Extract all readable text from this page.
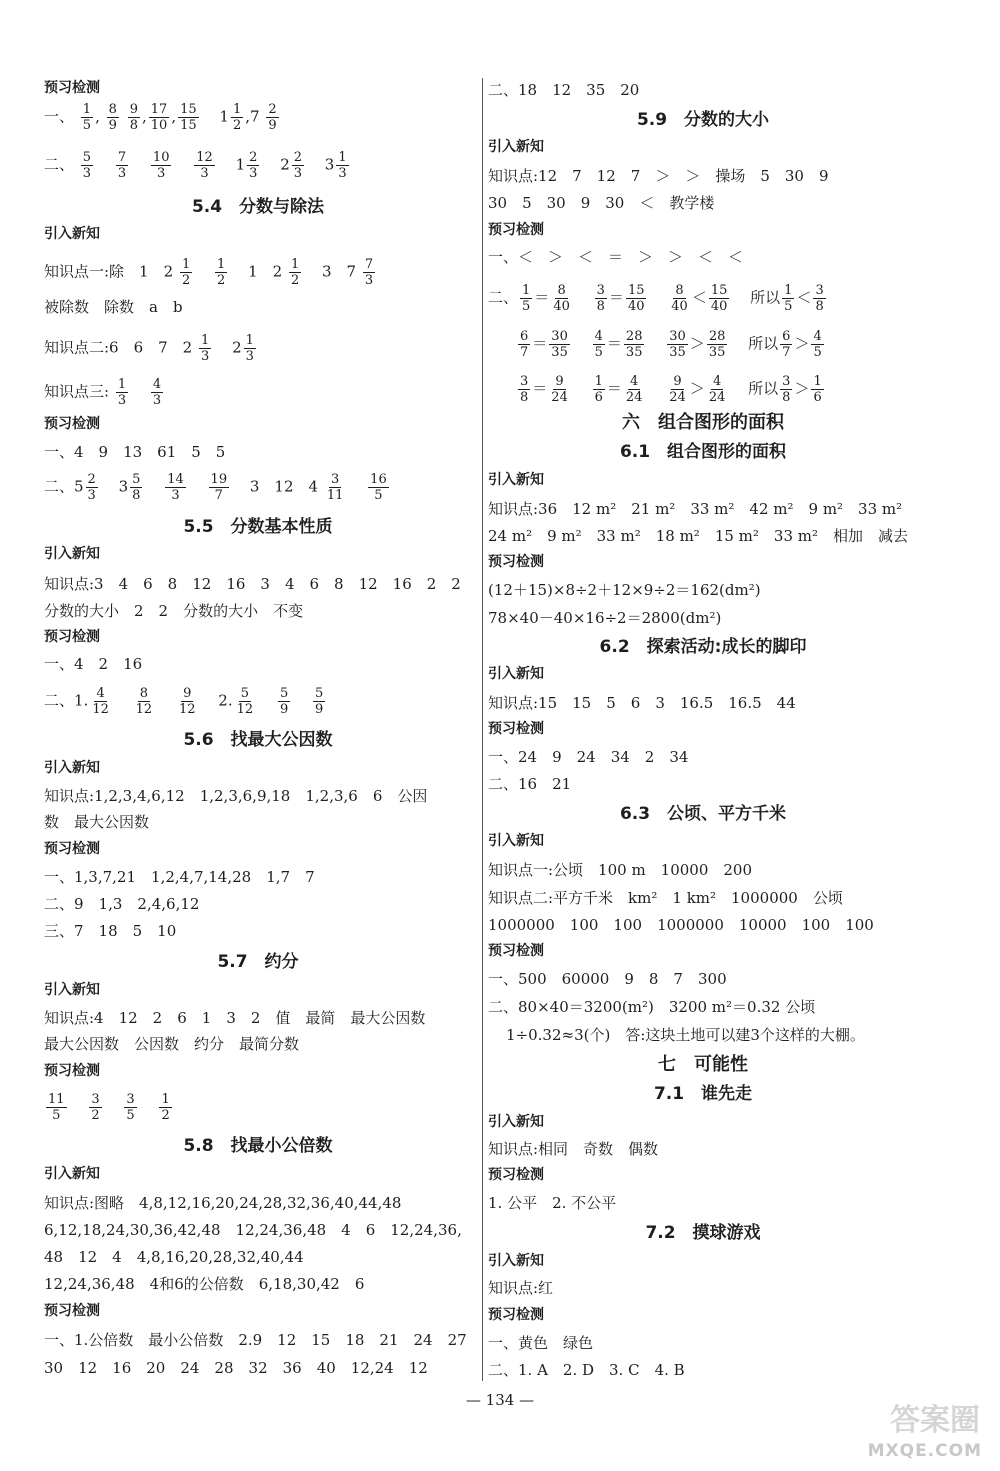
预习检测
一、 $\frac{1}{5}$ , $\frac{8}{9}$
$\frac{9}{8}$ , $\frac{17}{10}$ , $\frac{15}{15} 1 \frac{1}{2} ,7 \frac{2}{9}$
二、 $\frac{5}{3}$
$\frac{7}{3}$
$\frac{10}{3}$
$\frac{12}{3} 1 \frac{2}{3} 2 \frac{2}{3} 3 \frac{1}{3}$
5.4　分数与除法
引入新知
知识点一:除　1　$2 \frac{1}{2}$
$\frac{1}{2} 1$　$2 \frac{1}{2} 3$　$7 \frac{7}{3}$
被除数　除数　a　b
知识点二:6　6　7　$2 \frac{1}{3} 2 \frac{1}{3}$
知识点三: $\frac{1}{3}$
$\frac{4}{3}$
预习检测
一、4　9　13　61　5　5
二、$5 \frac{2}{3} 3 \frac{5}{8}$
$\frac{14}{3}$
$\frac{19}{7} 3$　12　$4 \frac{3}{11}$
$\frac{16}{5}$
5.5　分数基本性质
引入新知
知识点:3　4　6　8　12　16　3　4　6　8　12　16　2　2
分数的大小　2　2　分数的大小　不变
预习检测
一、4　2　16
二、1. $\frac{4}{12}$
$\frac{8}{12}$
$\frac{9}{12} 2$. $\frac{5}{12}$
$\frac{5}{9}$
$\frac{5}{9}$
5.6　找最大公因数
引入新知
知识点:1,2,3,4,6,12　1,2,3,6,9,18　1,2,3,6　6　公因
数　最大公因数
预习检测
一、1,3,7,21　1,2,4,7,14,28　1,7　7
二、9　1,3　2,4,6,12
三、7　18　5　10
5.7　约分
引入新知
知识点:4　12　2　6　1　3　2　值　最简　最大公因数
最大公因数　公因数　约分　最简分数
预习检测
$\frac{11}{5}$
$\frac{3}{2}$
$\frac{3}{5}$
$\frac{1}{2}$
5.8　找最小公倍数
引入新知
知识点:图略　4,8,12,16,20,24,28,32,36,40,44,48
6,12,18,24,30,36,42,48　12,24,36,48　4　6　12,24,36,
48　12　4　4,8,16,20,28,32,40,44
12,24,36,48　4和6的公倍数　6,18,30,42　6
预习检测
一、1.公倍数　最小公倍数　2.9　12　15　18　21　24　27
30　12　16　20　24　28　32　36　40　12,24　12
二、18　12　35　20
5.9　分数的大小
引入新知
知识点:12　7　12　7　＞　＞　操场　5　30　9
30　5　30　9　30　＜　教学楼
预习检测
一、＜　＞　＜　＝　＞　＞　＜　＜
二、 $\frac{1}{5} = \frac{8}{40}$
$\frac{3}{8} = \frac{15}{40}$
$\frac{8}{40} < \frac{15}{40}$ 所以 $\frac{1}{5} < \frac{3}{8}$
$\frac{6}{7} = \frac{30}{35}$
$\frac{4}{5} = \frac{28}{35}$
$\frac{30}{35} > \frac{28}{35}$ 所以 $\frac{6}{7} > \frac{4}{5}$
$\frac{3}{8} = \frac{9}{24}$
$\frac{1}{6} = \frac{4}{24}$
$\frac{9}{24} > \frac{4}{24}$ 所以 $\frac{3}{8} > \frac{1}{6}$
六　组合图形的面积
6.1　组合图形的面积
引入新知
知识点:36　12 m²　21 m²　33 m²　42 m²　9 m²　33 m²
24 m²　9 m²　33 m²　18 m²　15 m²　33 m²　相加　减去
预习检测
(12＋15)×8÷2＋12×9÷2＝162(dm²)
78×40－40×16÷2＝2800(dm²)
6.2　探索活动:成长的脚印
引入新知
知识点:15　15　5　6　3　16.5　16.5　44
预习检测
一、24　9　24　34　2　34
二、16　21
6.3　公顷、平方千米
引入新知
知识点一:公顷　100 m　10000　200
知识点二:平方千米　km²　1 km²　1000000　公顷
1000000　100　100　1000000　10000　100　100
预习检测
一、500　60000　9　8　7　300
二、80×40＝3200(m²)　3200 m²＝0.32 公顷
1÷0.32≈3(个)　答:这块土地可以建3个这样的大棚。
七　可能性
7.1　谁先走
引入新知
知识点:相同　奇数　偶数
预习检测
1. 公平　2. 不公平
7.2　摸球游戏
引入新知
知识点:红
预习检测
一、黄色　绿色
二、1. A　2. D　3. C　4. B
— 134 —
答案圈
MXQE.COM
